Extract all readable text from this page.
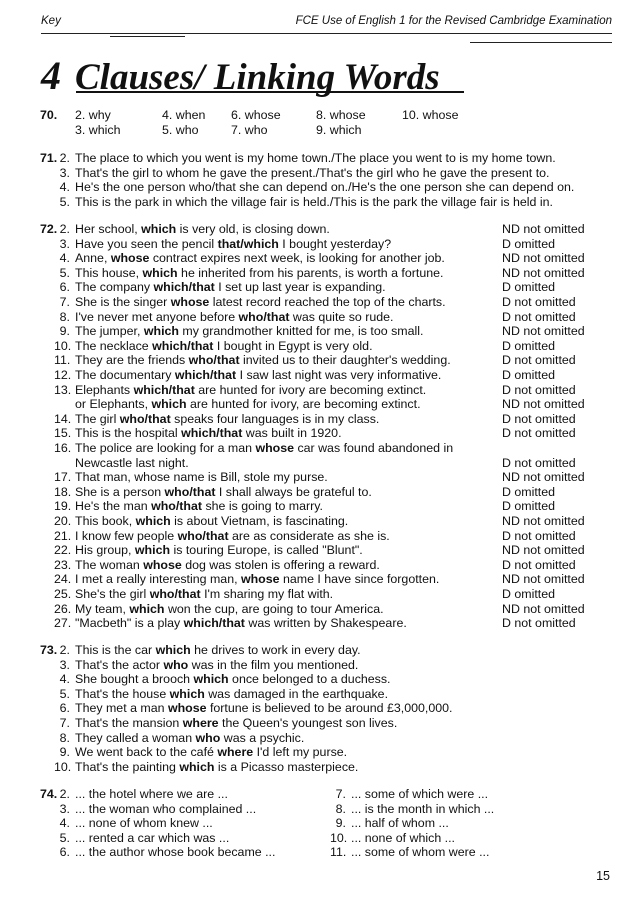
Key	FCE Use of English 1 for the Revised Cambridge Examination
4 Clauses/ Linking Words
70. 2. why	4. when 6. whose	8. whose	10. whose
3. which	5. who	7. who	9. which
71. 2. The place to which you went is my home town./The place you went to is my home town.
3. That's the girl to whom he gave the present./That's the girl who he gave the present to.
4. He's the one person who/that she can depend on./He's the one person she can depend on.
5. This is the park in which the village fair is held./This is the park the village fair is held in.
72. 2. Her school, which is very old, is closing down.	ND not omitted
3. Have you seen the pencil that/which I bought yesterday?	D omitted
4. Anne, whose contract expires next week, is looking for another job.	ND not omitted
5. This house, which he inherited from his parents, is worth a fortune.	ND not omitted
6. The company which/that I set up last year is expanding.	D omitted
7. She is the singer whose latest record reached the top of the charts.	D not omitted
8. I've never met anyone before who/that was quite so rude.	D not omitted
9. The jumper, which my grandmother knitted for me, is too small.	ND not omitted
10. The necklace which/that I bought in Egypt is very old.	D omitted
11. They are the friends who/that invited us to their daughter's wedding.	D not omitted
12. The documentary which/that I saw last night was very informative.	D omitted
13. Elephants which/that are hunted for ivory are becoming extinct.	D not omitted
or Elephants, which are hunted for ivory, are becoming extinct.	ND not omitted
14. The girl who/that speaks four languages is in my class.	D not omitted
15. This is the hospital which/that was built in 1920.	D not omitted
16. The police are looking for a man whose car was found abandoned in
Newcastle last night.	D not omitted
17. That man, whose name is Bill, stole my purse.	ND not omitted
18. She is a person who/that I shall always be grateful to.	D omitted
19. He's the man who/that she is going to marry.	D omitted
20. This book, which is about Vietnam, is fascinating.	ND not omitted
21. I know few people who/that are as considerate as she is.	D not omitted
22. His group, which is touring Europe, is called "Blunt".	ND not omitted
23. The woman whose dog was stolen is offering a reward.	D not omitted
24. I met a really interesting man, whose name I have since forgotten.	ND not omitted
25. She's the girl who/that I'm sharing my flat with.	D omitted
26. My team, which won the cup, are going to tour America.	ND not omitted
27. "Macbeth" is a play which/that was written by Shakespeare.	D not omitted
73. 2. This is the car which he drives to work in every day.
3. That's the actor who was in the film you mentioned.
4. She bought a brooch which once belonged to a duchess.
5. That's the house which was damaged in the earthquake.
6. They met a man whose fortune is believed to be around £3,000,000.
7. That's the mansion where the Queen's youngest son lives.
8. They called a woman who was a psychic.
9. We went back to the café where I'd left my purse.
10. That's the painting which is a Picasso masterpiece.
74. 2. ... the hotel where we are ...
3. ... the woman who complained ...
4. ... none of whom knew ...
5. ... rented a car which was ...
6. ... the author whose book became ...
7. ... some of which were ...
8. ... is the month in which ...
9. ... half of whom ...
10. ... none of which ...
11. ... some of whom were ...
15
